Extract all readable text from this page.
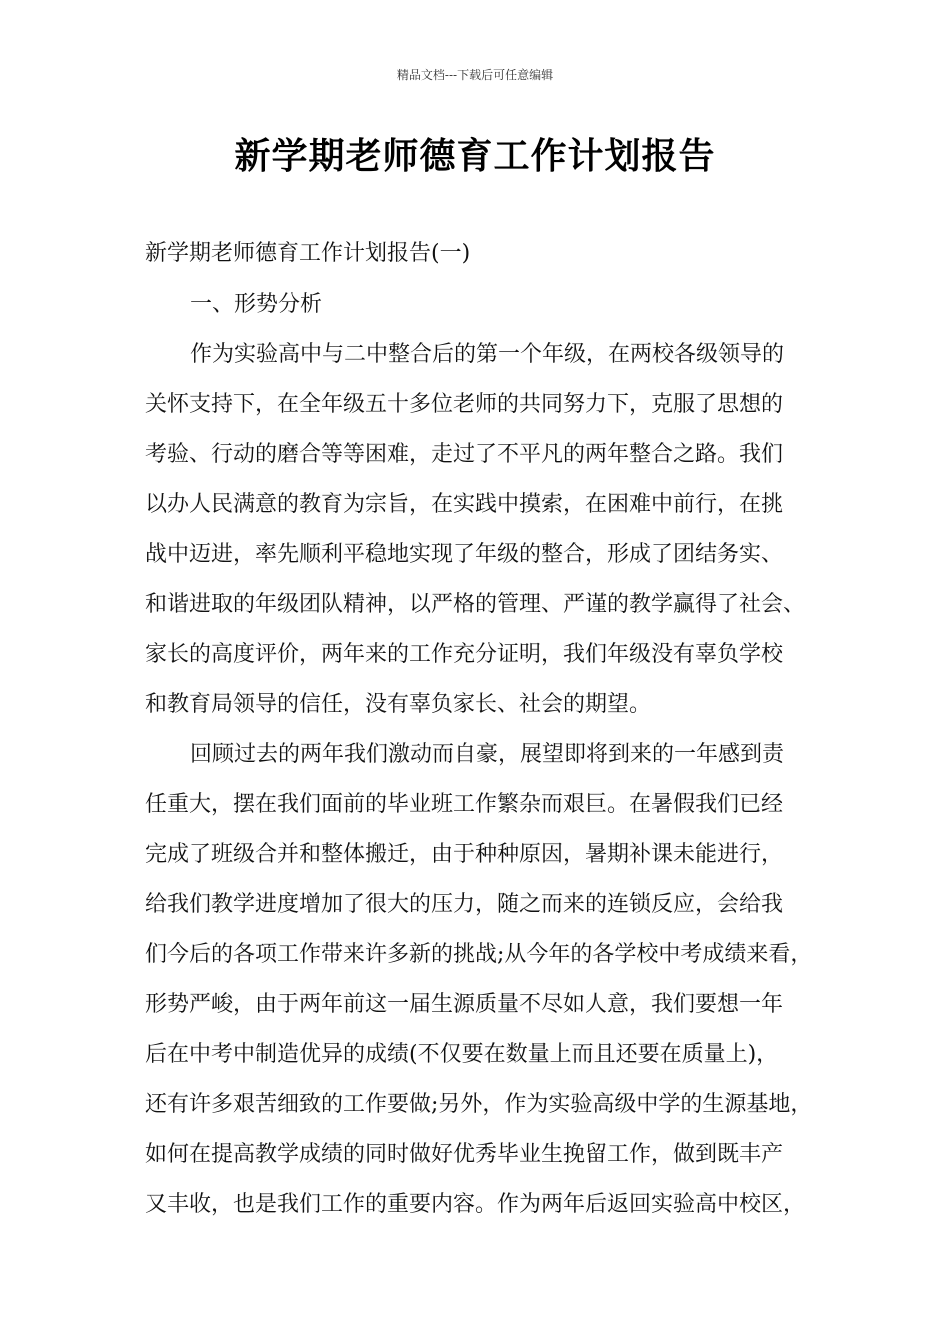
精品文档---下载后可任意编辑
新学期老师德育工作计划报告
新学期老师德育工作计划报告(一)
一、形势分析
作为实验高中与二中整合后的第一个年级，在两校各级领导的
关怀支持下，在全年级五十多位老师的共同努力下，克服了思想的
考验、行动的磨合等等困难，走过了不平凡的两年整合之路。我们
以办人民满意的教育为宗旨，在实践中摸索，在困难中前行，在挑
战中迈进，率先顺利平稳地实现了年级的整合，形成了团结务实、
和谐进取的年级团队精神，以严格的管理、严谨的教学赢得了社会、
家长的高度评价，两年来的工作充分证明，我们年级没有辜负学校
和教育局领导的信任，没有辜负家长、社会的期望。
回顾过去的两年我们激动而自豪，展望即将到来的一年感到责
任重大，摆在我们面前的毕业班工作繁杂而艰巨。在暑假我们已经
完成了班级合并和整体搬迁，由于种种原因，暑期补课未能进行，
给我们教学进度增加了很大的压力，随之而来的连锁反应，会给我
们今后的各项工作带来许多新的挑战;从今年的各学校中考成绩来看，
形势严峻，由于两年前这一届生源质量不尽如人意，我们要想一年
后在中考中制造优异的成绩(不仅要在数量上而且还要在质量上)，
还有许多艰苦细致的工作要做;另外，作为实验高级中学的生源基地，
如何在提高教学成绩的同时做好优秀毕业生挽留工作，做到既丰产
又丰收，也是我们工作的重要内容。作为两年后返回实验高中校区，
